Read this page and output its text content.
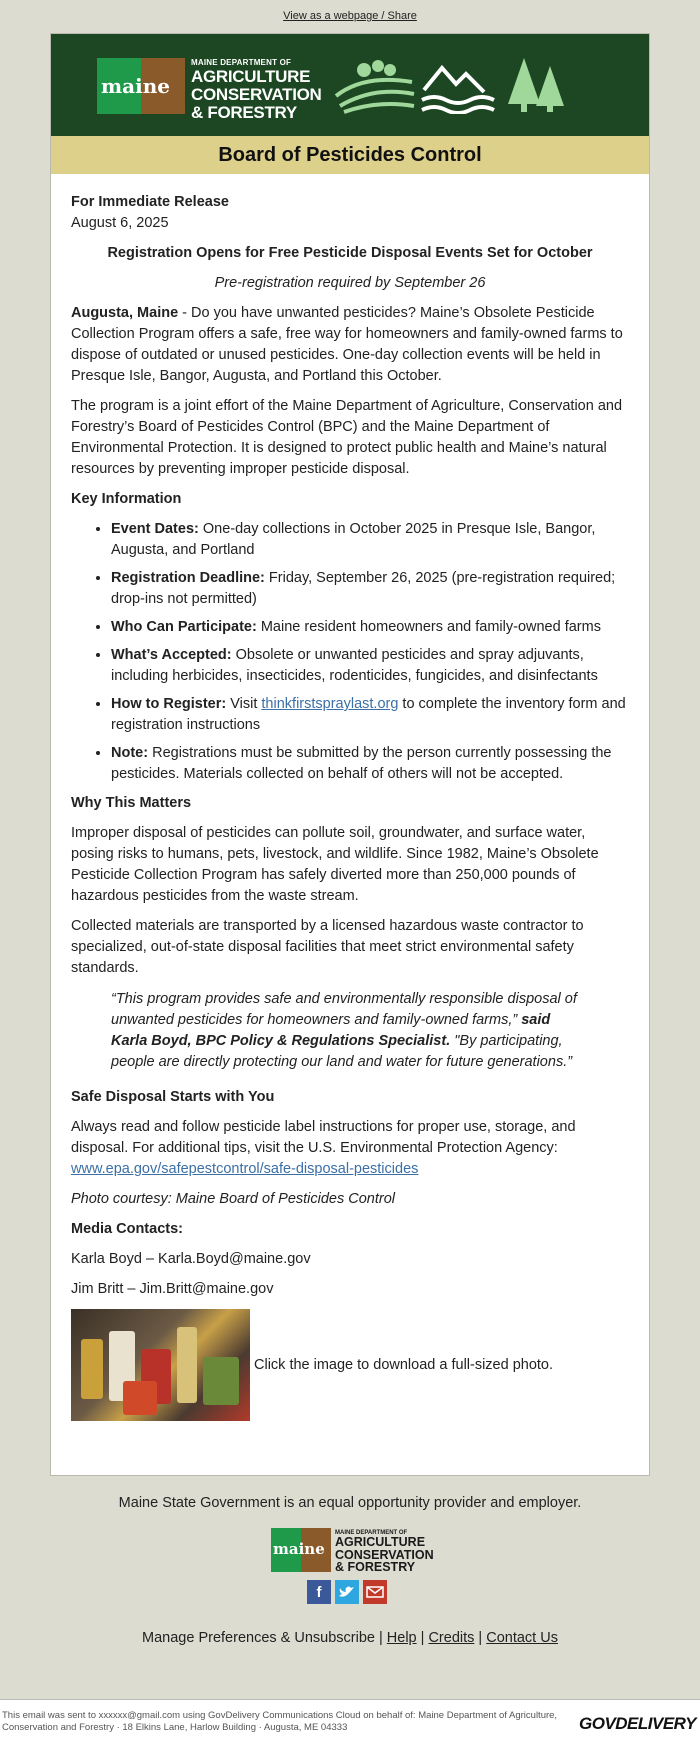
View as a webpage / Share
maine
MAINE DEPARTMENT OF
AGRICULTURE
CONSERVATION
& FORESTRY
Board of Pesticides Control
For Immediate Release

August 6, 2025

Registration Opens for Free Pesticide Disposal Events Set for October

Pre-registration required by September 26

Augusta, Maine - Do you have unwanted pesticides? Maine’s Obsolete Pesticide Collection Program offers a safe, free way for homeowners and family-owned farms to dispose of outdated or unused pesticides. One-day collection events will be held in Presque Isle, Bangor, Augusta, and Portland this October.

The program is a joint effort of the Maine Department of Agriculture, Conservation and Forestry’s Board of Pesticides Control (BPC) and the Maine Department of Environmental Protection. It is designed to protect public health and Maine’s natural resources by preventing improper pesticide disposal.

Key Information

• Event Dates: One-day collections in October 2025 in Presque Isle, Bangor, Augusta, and Portland
• Registration Deadline: Friday, September 26, 2025 (pre-registration required; drop-ins not permitted)
• Who Can Participate: Maine resident homeowners and family-owned farms
• What’s Accepted: Obsolete or unwanted pesticides and spray adjuvants, including herbicides, insecticides, rodenticides, fungicides, and disinfectants
• How to Register: Visit thinkfirstspraylast.org to complete the inventory form and registration instructions
• Note: Registrations must be submitted by the person currently possessing the pesticides. Materials collected on behalf of others will not be accepted.

Why This Matters

Improper disposal of pesticides can pollute soil, groundwater, and surface water, posing risks to humans, pets, livestock, and wildlife. Since 1982, Maine’s Obsolete Pesticide Collection Program has safely diverted more than 250,000 pounds of hazardous pesticides from the waste stream.

Collected materials are transported by a licensed hazardous waste contractor to specialized, out-of-state disposal facilities that meet strict environmental safety standards.

“This program provides safe and environmentally responsible disposal of unwanted pesticides for homeowners and family-owned farms,” said Karla Boyd, BPC Policy & Regulations Specialist. "By participating, people are directly protecting our land and water for future generations.”

Safe Disposal Starts with You

Always read and follow pesticide label instructions for proper use, storage, and disposal. For additional tips, visit the U.S. Environmental Protection Agency: www.epa.gov/safepestcontrol/safe-disposal-pesticides

Photo courtesy: Maine Board of Pesticides Control

Media Contacts:

Karla Boyd – Karla.Boyd@maine.gov

Jim Britt – Jim.Britt@maine.gov

Click the image to download a full-sized photo.
Maine State Government is an equal opportunity provider and employer.
maine
MAINE DEPARTMENT OF
AGRICULTURE
CONSERVATION
& FORESTRY
f
Manage Preferences & Unsubscribe | Help | Credits | Contact Us
This email was sent to xxxxxx@gmail.com using GovDelivery Communications Cloud on behalf of: Maine Department of Agriculture, Conservation and Forestry · 18 Elkins Lane, Harlow Building · Augusta, ME 04333	GOVDELIVERY
